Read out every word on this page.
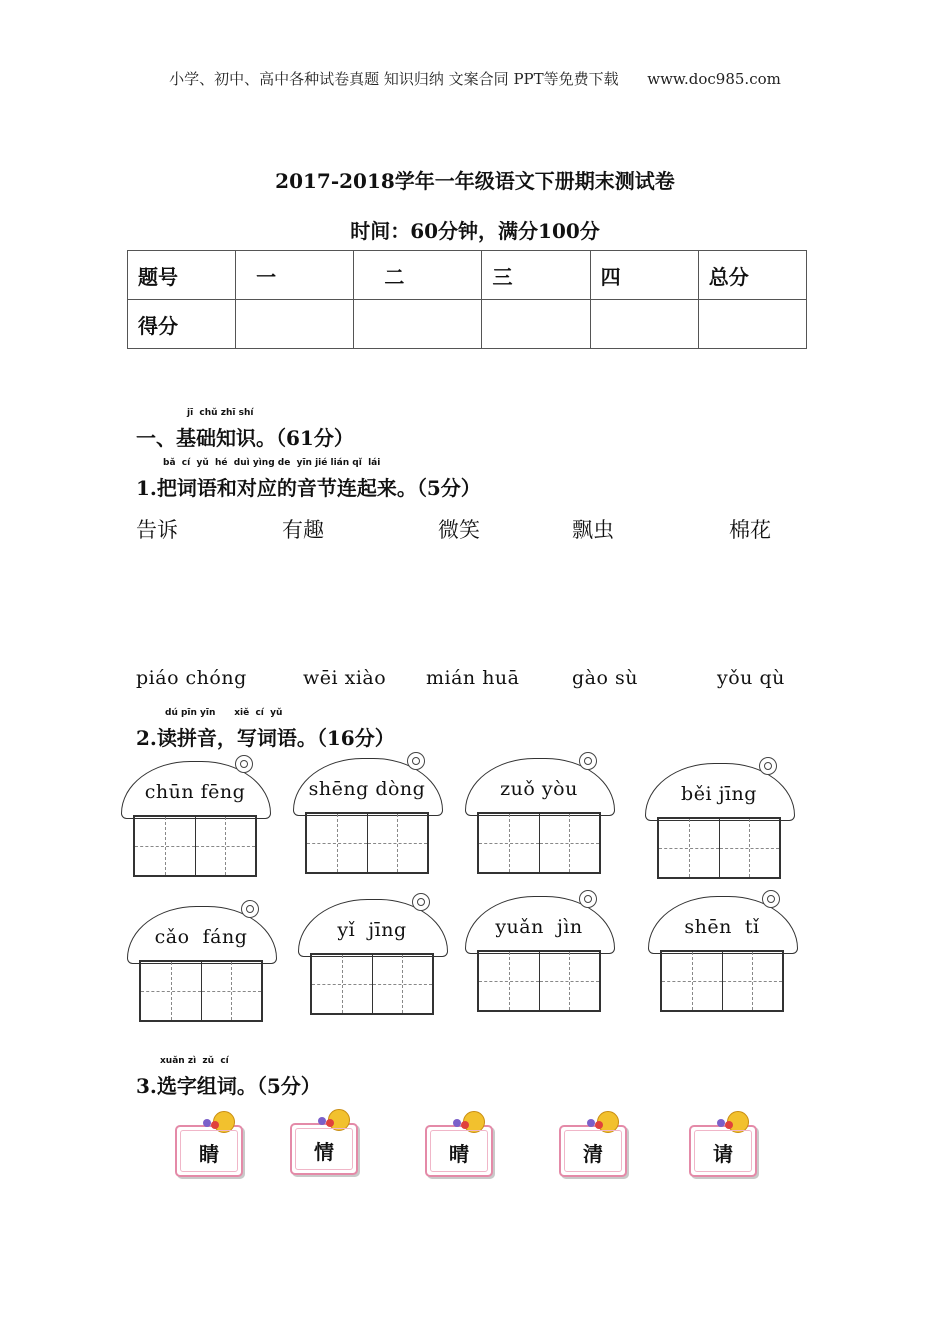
小学、初中、高中各种试卷真题 知识归纳 文案合同 PPT等免费下载 www.doc985.com
2017-2018学年一年级语文下册期末测试卷
时间：60分钟，满分100分
题号	一	二	三	四	总分
得分					
jī  chǔ zhī shí
一、基础知识。（61分）
bǎ  cí  yǔ  hé  duì yìng de  yīn jié lián qǐ  lái
1.把词语和对应的音节连起来。（5分）
告诉	有趣	微笑	飘虫	棉花
piáo chóng	wēi xiào mián huā	gào sù	yǒu qù
dú pīn yīn      xiě  cí  yǔ
2.读拼音，写词语。（16分）
chūn fēng	shēng dòng	zuǒ yòu	běi jīng
cǎo  fáng	yǐ  jīng	yuǎn  jìn	shēn  tǐ
xuǎn zì  zǔ  cí
3.选字组词。（5分）
睛	情	晴	清	请
